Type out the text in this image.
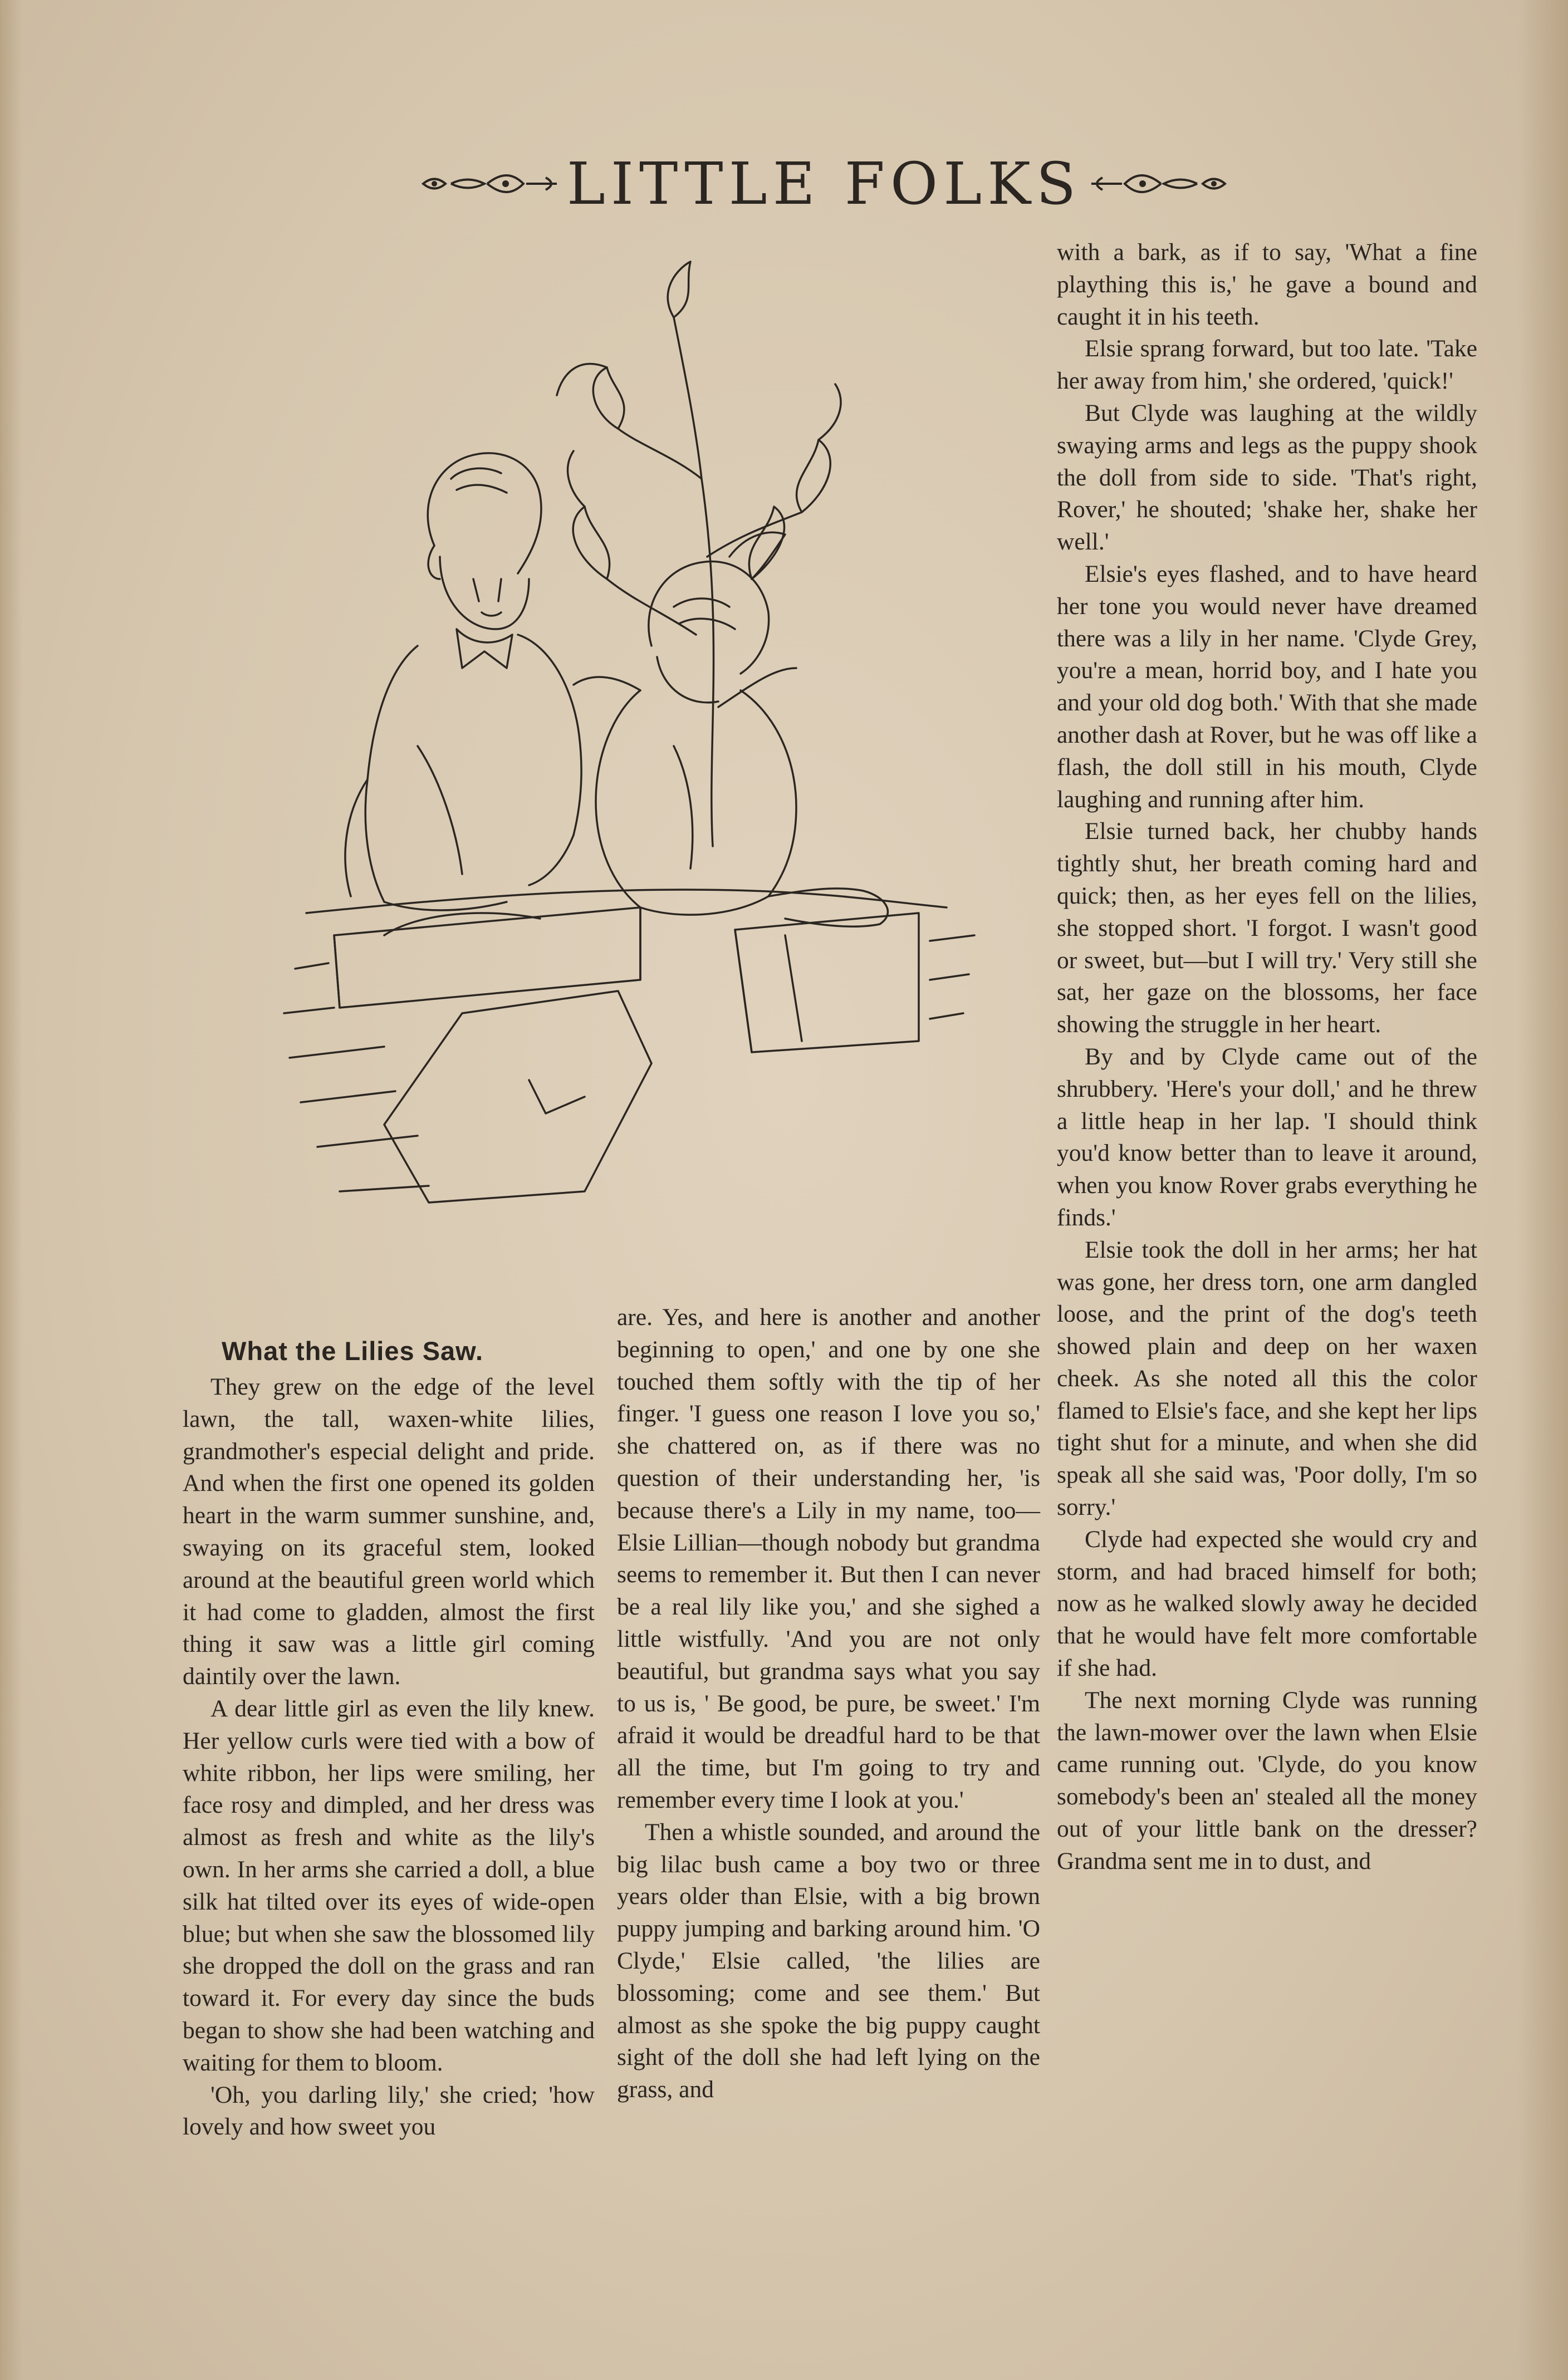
LITTLE FOLKS
What the Lilies Saw.

They grew on the edge of the level lawn, the tall, waxen-white lilies, grandmother's especial delight and pride. And when the first one opened its golden heart in the warm summer sunshine, and, swaying on its graceful stem, looked around at the beautiful green world which it had come to gladden, almost the first thing it saw was a little girl coming daintily over the lawn.

A dear little girl as even the lily knew. Her yellow curls were tied with a bow of white ribbon, her lips were smiling, her face rosy and dimpled, and her dress was almost as fresh and white as the lily's own. In her arms she carried a doll, a blue silk hat tilted over its eyes of wide-open blue; but when she saw the blossomed lily she dropped the doll on the grass and ran toward it. For every day since the buds began to show she had been watching and waiting for them to bloom.

'Oh, you darling lily,' she cried; 'how lovely and how sweet you

are. Yes, and here is another and another beginning to open,' and one by one she touched them softly with the tip of her finger. 'I guess one reason I love you so,' she chattered on, as if there was no question of their understanding her, 'is because there's a Lily in my name, too—Elsie Lillian—though nobody but grandma seems to remember it. But then I can never be a real lily like you,' and she sighed a little wistfully. 'And you are not only beautiful, but grandma says what you say to us is, ' Be good, be pure, be sweet.' I'm afraid it would be dreadful hard to be that all the time, but I'm going to try and remember every time I look at you.'

Then a whistle sounded, and around the big lilac bush came a boy two or three years older than Elsie, with a big brown puppy jumping and barking around him. 'O Clyde,' Elsie called, 'the lilies are blossoming; come and see them.' But almost as she spoke the big puppy caught sight of the doll she had left lying on the grass, and

with a bark, as if to say, 'What a fine plaything this is,' he gave a bound and caught it in his teeth.

Elsie sprang forward, but too late. 'Take her away from him,' she ordered, 'quick!'

But Clyde was laughing at the wildly swaying arms and legs as the puppy shook the doll from side to side. 'That's right, Rover,' he shouted; 'shake her, shake her well.'

Elsie's eyes flashed, and to have heard her tone you would never have dreamed there was a lily in her name. 'Clyde Grey, you're a mean, horrid boy, and I hate you and your old dog both.' With that she made another dash at Rover, but he was off like a flash, the doll still in his mouth, Clyde laughing and running after him.

Elsie turned back, her chubby hands tightly shut, her breath coming hard and quick; then, as her eyes fell on the lilies, she stopped short. 'I forgot. I wasn't good or sweet, but—but I will try.' Very still she sat, her gaze on the blossoms, her face showing the struggle in her heart.

By and by Clyde came out of the shrubbery. 'Here's your doll,' and he threw a little heap in her lap. 'I should think you'd know better than to leave it around, when you know Rover grabs everything he finds.'

Elsie took the doll in her arms; her hat was gone, her dress torn, one arm dangled loose, and the print of the dog's teeth showed plain and deep on her waxen cheek. As she noted all this the color flamed to Elsie's face, and she kept her lips tight shut for a minute, and when she did speak all she said was, 'Poor dolly, I'm so sorry.'

Clyde had expected she would cry and storm, and had braced himself for both; now as he walked slowly away he decided that he would have felt more comfortable if she had.

The next morning Clyde was running the lawn-mower over the lawn when Elsie came running out. 'Clyde, do you know somebody's been an' stealed all the money out of your little bank on the dresser? Grandma sent me in to dust, and
